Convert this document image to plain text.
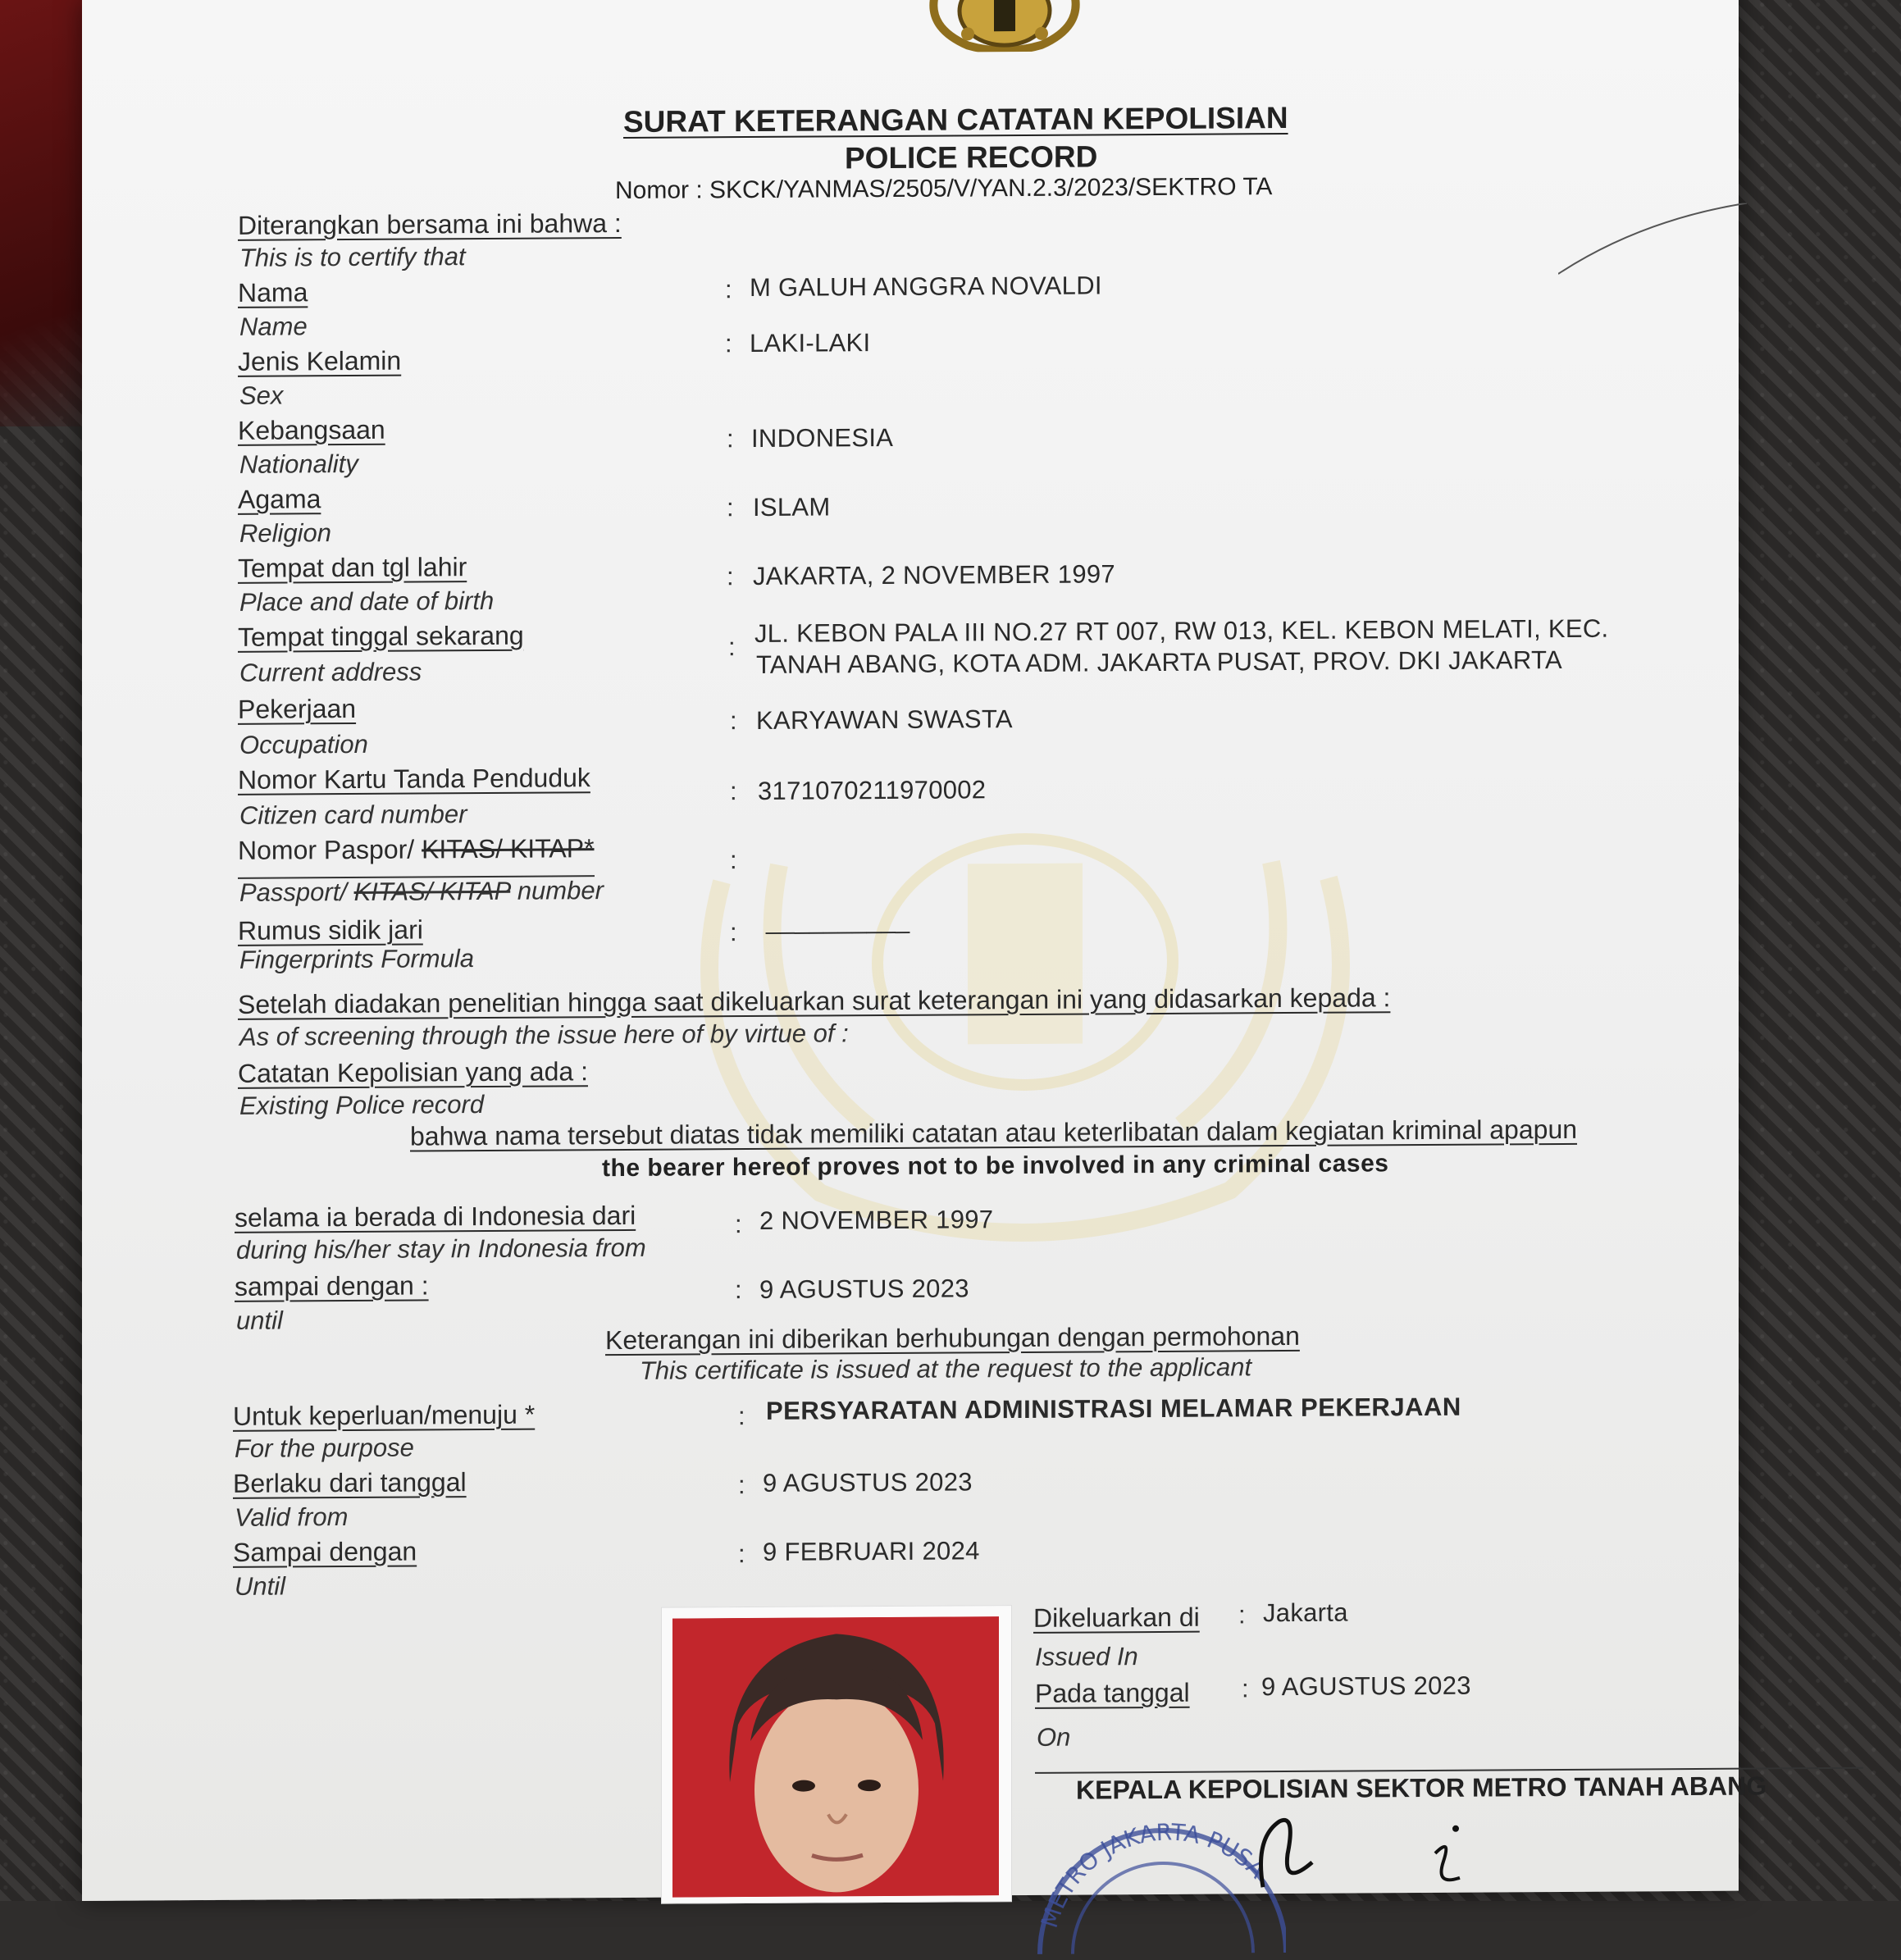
SURAT KETERANGAN CATATAN KEPOLISIAN
POLICE RECORD
Nomor : SKCK/YANMAS/2505/V/YAN.2.3/2023/SEKTRO TA
Diterangkan bersama ini bahwa :
This is to certify that
Nama
Name
: M GALUH ANGGRA NOVALDI
Jenis Kelamin
Sex
: LAKI-LAKI
Kebangsaan
Nationality
: INDONESIA
Agama
Religion
: ISLAM
Tempat dan tgl lahir
Place and date of birth
: JAKARTA, 2 NOVEMBER 1997
Tempat tinggal sekarang
Current address
: JL. KEBON PALA III NO.27 RT 007, RW 013, KEL. KEBON MELATI, KEC.
TANAH ABANG, KOTA ADM. JAKARTA PUSAT, PROV. DKI JAKARTA
Pekerjaan
Occupation
: KARYAWAN SWASTA
Nomor Kartu Tanda Penduduk
Citizen card number
: 3171070211970002
Nomor Paspor/ KITAS/ KITAP*
Passport/ KITAS/ KITAP number
:
Rumus sidik jari
Fingerprints Formula
: __________
Setelah diadakan penelitian hingga saat dikeluarkan surat keterangan ini yang didasarkan kepada :
As of screening through the issue here of by virtue of :
Catatan Kepolisian yang ada :
Existing Police record
bahwa nama tersebut diatas tidak memiliki catatan atau keterlibatan dalam kegiatan kriminal apapun
the bearer hereof proves not to be involved in any criminal cases
selama ia berada di Indonesia dari
during his/her stay in Indonesia from
: 2 NOVEMBER 1997
sampai dengan :
until
: 9 AGUSTUS 2023
Keterangan ini diberikan berhubungan dengan permohonan
This certificate is issued at the request to the applicant
Untuk keperluan/menuju *
For the purpose
: PERSYARATAN ADMINISTRASI MELAMAR PEKERJAAN
Berlaku dari tanggal
Valid from
: 9 AGUSTUS 2023
Sampai dengan
Until
: 9 FEBRUARI 2024
Dikeluarkan di
Issued In
: Jakarta
Pada tanggal
On
: 9 AGUSTUS 2023
KEPALA KEPOLISIAN SEKTOR METRO TANAH ABANG
METRO JAKARTA PUSA
